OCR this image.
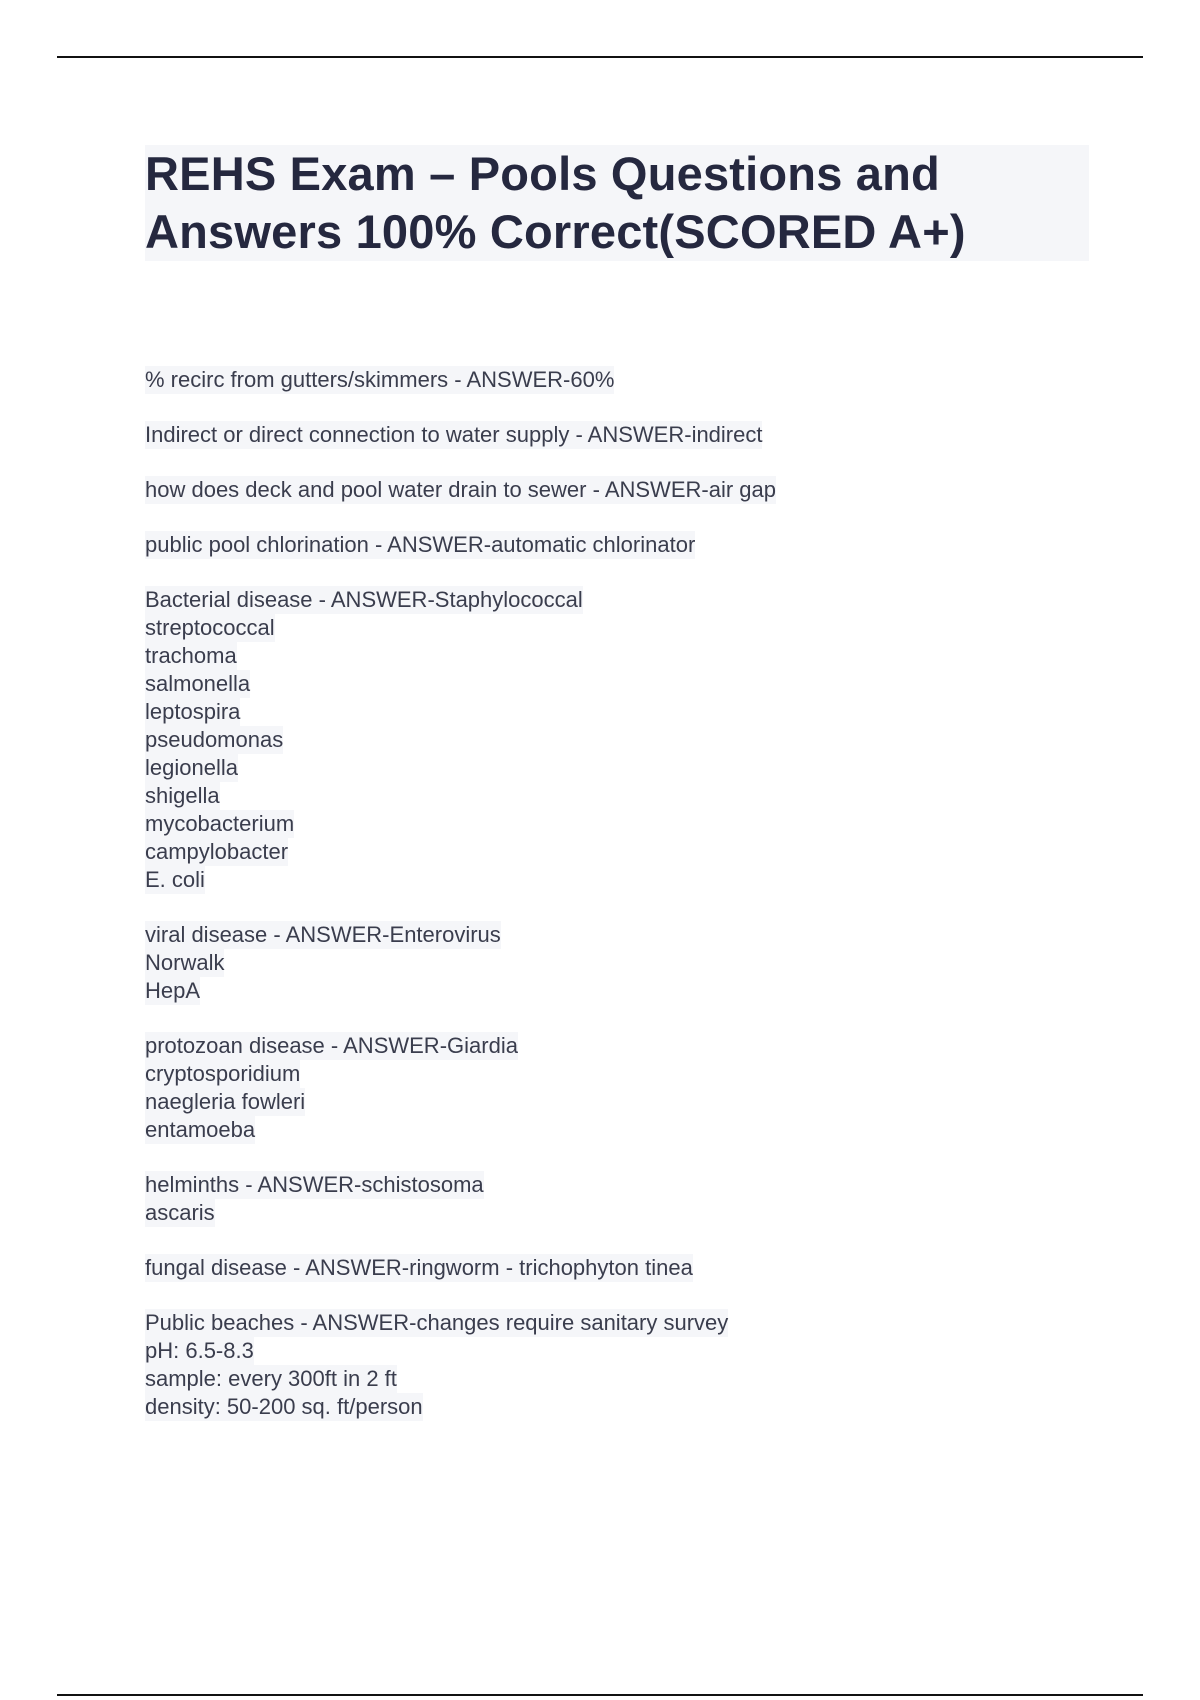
REHS Exam – Pools Questions and Answers 100% Correct(SCORED A+)
% recirc from gutters/skimmers - ANSWER-60%
Indirect or direct connection to water supply - ANSWER-indirect
how does deck and pool water drain to sewer - ANSWER-air gap
public pool chlorination - ANSWER-automatic chlorinator
Bacterial disease - ANSWER-Staphylococcal
streptococcal
trachoma
salmonella
leptospira
pseudomonas
legionella
shigella
mycobacterium
campylobacter
E. coli
viral disease - ANSWER-Enterovirus
Norwalk
HepA
protozoan disease - ANSWER-Giardia
cryptosporidium
naegleria fowleri
entamoeba
helminths - ANSWER-schistosoma
ascaris
fungal disease - ANSWER-ringworm - trichophyton tinea
Public beaches - ANSWER-changes require sanitary survey
pH: 6.5-8.3
sample: every 300ft in 2 ft
density: 50-200 sq. ft/person
